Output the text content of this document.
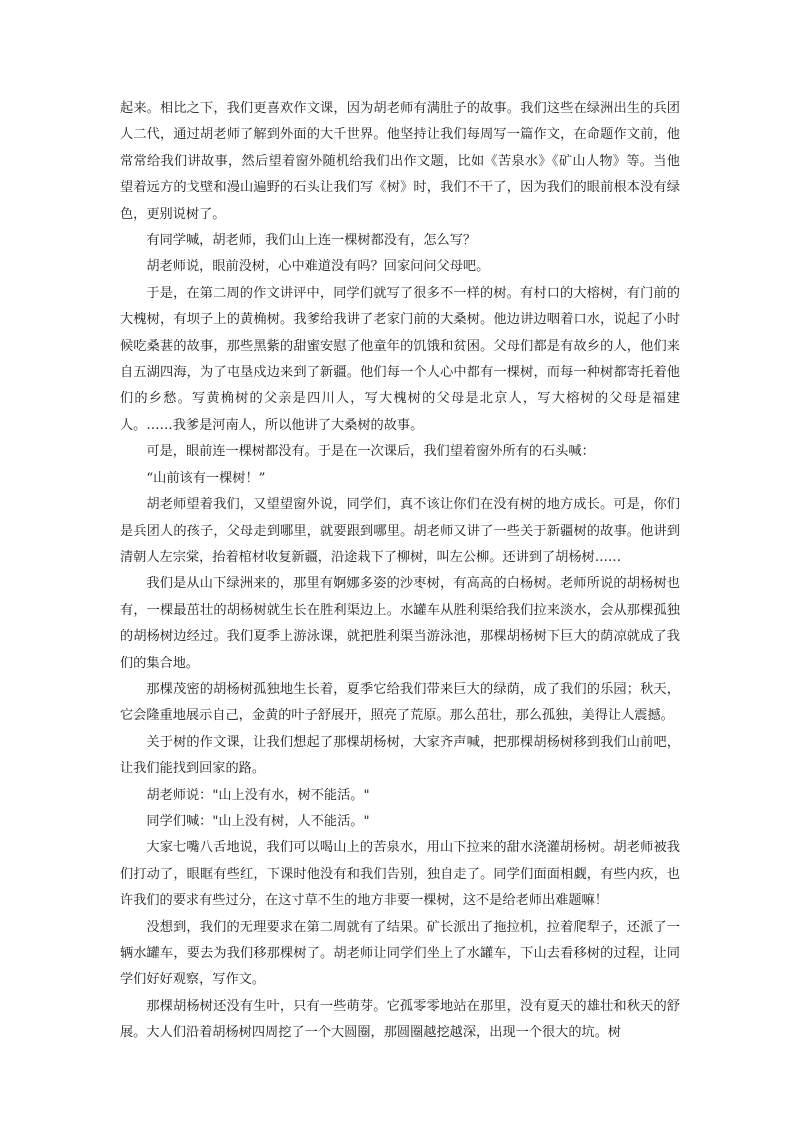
起来。相比之下，我们更喜欢作文课，因为胡老师有满肚子的故事。我们这些在绿洲出生的兵团人二代，通过胡老师了解到外面的大千世界。他坚持让我们每周写一篇作文，在命题作文前，他常常给我们讲故事，然后望着窗外随机给我们出作文题，比如《苦泉水》《矿山人物》等。当他望着远方的戈壁和漫山遍野的石头让我们写《树》时，我们不干了，因为我们的眼前根本没有绿色，更别说树了。

有同学喊，胡老师，我们山上连一棵树都没有，怎么写？

胡老师说，眼前没树，心中难道没有吗？回家问问父母吧。

于是，在第二周的作文讲评中，同学们就写了很多不一样的树。有村口的大榕树，有门前的大槐树，有坝子上的黄桷树。我爹给我讲了老家门前的大桑树。他边讲边咽着口水，说起了小时候吃桑葚的故事，那些黑紫的甜蜜安慰了他童年的饥饿和贫困。父母们都是有故乡的人，他们来自五湖四海，为了屯垦戍边来到了新疆。他们每一个人心中都有一棵树，而每一种树都寄托着他们的乡愁。写黄桷树的父亲是四川人，写大槐树的父母是北京人，写大榕树的父母是福建人。……我爹是河南人，所以他讲了大桑树的故事。

可是，眼前连一棵树都没有。于是在一次课后，我们望着窗外所有的石头喊：

“山前该有一棵树！”

胡老师望着我们，又望望窗外说，同学们，真不该让你们在没有树的地方成长。可是，你们是兵团人的孩子，父母走到哪里，就要跟到哪里。胡老师又讲了一些关于新疆树的故事。他讲到清朝人左宗棠，抬着棺材收复新疆，沿途栽下了柳树，叫左公柳。还讲到了胡杨树……

我们是从山下绿洲来的，那里有婀娜多姿的沙枣树，有高高的白杨树。老师所说的胡杨树也有，一棵最茁壮的胡杨树就生长在胜利渠边上。水罐车从胜利渠给我们拉来淡水，会从那棵孤独的胡杨树边经过。我们夏季上游泳课，就把胜利渠当游泳池，那棵胡杨树下巨大的荫凉就成了我们的集合地。

那棵茂密的胡杨树孤独地生长着，夏季它给我们带来巨大的绿荫，成了我们的乐园；秋天，它会隆重地展示自己，金黄的叶子舒展开，照亮了荒原。那么茁壮，那么孤独，美得让人震撼。

关于树的作文课，让我们想起了那棵胡杨树，大家齐声喊，把那棵胡杨树移到我们山前吧，让我们能找到回家的路。

胡老师说："山上没有水，树不能活。"

同学们喊："山上没有树，人不能活。"

大家七嘴八舌地说，我们可以喝山上的苦泉水，用山下拉来的甜水浇灌胡杨树。胡老师被我们打动了，眼眶有些红，下课时他没有和我们告别，独自走了。同学们面面相觑，有些内疚，也许我们的要求有些过分，在这寸草不生的地方非要一棵树，这不是给老师出难题嘛！

没想到，我们的无理要求在第二周就有了结果。矿长派出了拖拉机，拉着爬犁子，还派了一辆水罐车，要去为我们移那棵树了。胡老师让同学们坐上了水罐车，下山去看移树的过程，让同学们好好观察，写作文。

那棵胡杨树还没有生叶，只有一些萌芽。它孤零零地站在那里，没有夏天的雄壮和秋天的舒展。大人们沿着胡杨树四周挖了一个大圆圈，那圆圈越挖越深，出现一个很大的坑。树
